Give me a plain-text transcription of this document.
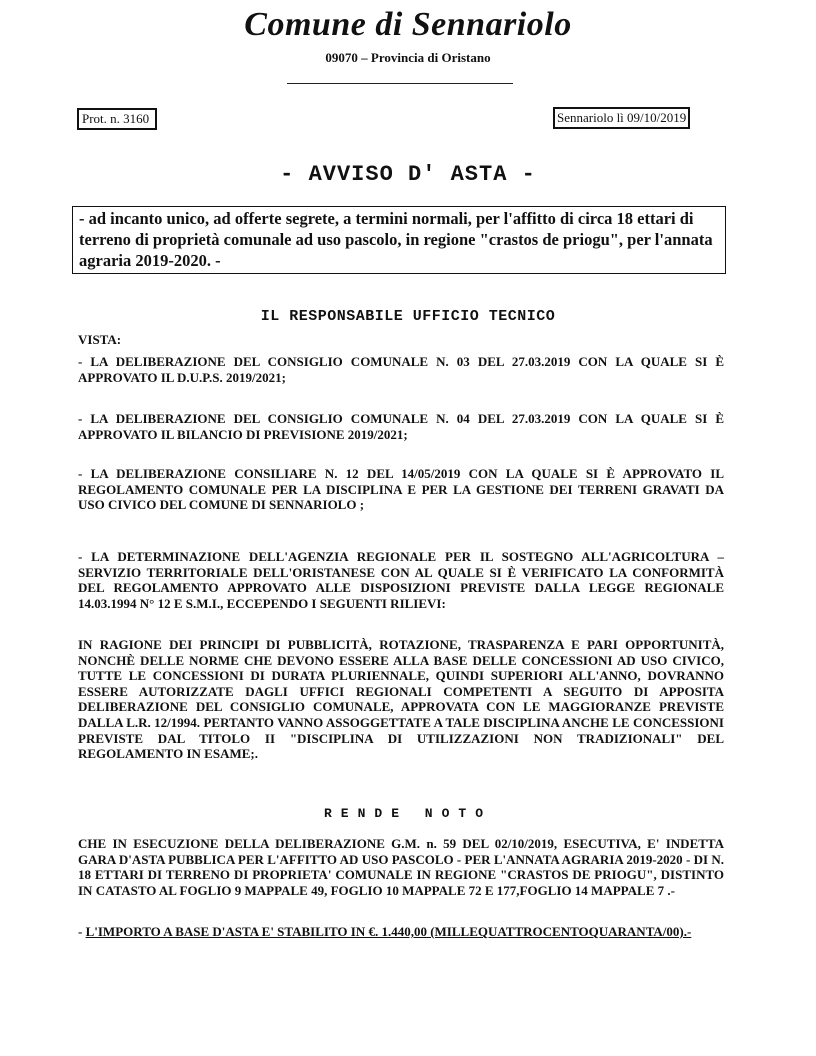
Comune di Sennariolo
09070 – Provincia di Oristano
Prot. n. 3160	Sennariolo lì 09/10/2019
- AVVISO D' ASTA -
- ad incanto unico, ad offerte segrete, a termini normali, per l'affitto di circa 18 ettari di terreno di proprietà comunale ad uso pascolo, in regione "crastos de priogu", per l'annata agraria 2019-2020. -
IL RESPONSABILE UFFICIO TECNICO
VISTA:
- LA DELIBERAZIONE DEL CONSIGLIO COMUNALE N. 03 DEL 27.03.2019 CON LA QUALE SI È APPROVATO IL D.U.P.S. 2019/2021;
- LA DELIBERAZIONE DEL CONSIGLIO COMUNALE N. 04 DEL 27.03.2019 CON LA QUALE SI È APPROVATO IL BILANCIO DI PREVISIONE 2019/2021;
- LA DELIBERAZIONE CONSILIARE N. 12 DEL 14/05/2019 CON LA QUALE SI È APPROVATO IL REGOLAMENTO COMUNALE PER LA DISCIPLINA E PER LA GESTIONE DEI TERRENI GRAVATI DA USO CIVICO DEL COMUNE DI SENNARIOLO ;
- LA DETERMINAZIONE DELL'AGENZIA REGIONALE PER IL SOSTEGNO ALL'AGRICOLTURA – SERVIZIO TERRITORIALE DELL'ORISTANESE CON AL QUALE SI È VERIFICATO LA CONFORMITÀ DEL REGOLAMENTO APPROVATO ALLE DISPOSIZIONI PREVISTE DALLA LEGGE REGIONALE 14.03.1994 N° 12 E S.M.I., ECCEPENDO I SEGUENTI RILIEVI:
IN RAGIONE DEI PRINCIPI DI PUBBLICITÀ, ROTAZIONE, TRASPARENZA E PARI OPPORTUNITÀ, NONCHÈ DELLE NORME CHE DEVONO ESSERE ALLA BASE DELLE CONCESSIONI AD USO CIVICO, TUTTE LE CONCESSIONI DI DURATA PLURIENNALE, QUINDI SUPERIORI ALL'ANNO, DOVRANNO ESSERE AUTORIZZATE DAGLI UFFICI REGIONALI COMPETENTI A SEGUITO DI APPOSITA DELIBERAZIONE DEL CONSIGLIO COMUNALE, APPROVATA CON LE MAGGIORANZE PREVISTE DALLA L.R. 12/1994. PERTANTO VANNO ASSOGGETTATE A TALE DISCIPLINA ANCHE LE CONCESSIONI PREVISTE DAL TITOLO II "DISCIPLINA DI UTILIZZAZIONI NON TRADIZIONALI" DEL REGOLAMENTO IN ESAME;.
RENDE NOTO
CHE IN ESECUZIONE DELLA DELIBERAZIONE G.M. n. 59 DEL 02/10/2019, ESECUTIVA, E' INDETTA GARA D'ASTA PUBBLICA PER L'AFFITTO AD USO PASCOLO - PER L'ANNATA AGRARIA 2019-2020 - DI N. 18 ETTARI DI TERRENO DI PROPRIETA' COMUNALE IN REGIONE "CRASTOS DE PRIOGU", DISTINTO IN CATASTO AL FOGLIO 9 MAPPALE 49, FOGLIO 10 MAPPALE 72 E 177,FOGLIO 14 MAPPALE 7 .-
- L'IMPORTO A BASE D'ASTA E' STABILITO IN €. 1.440,00 (MILLEQUATTROCENTOQUARANTA/00).-
